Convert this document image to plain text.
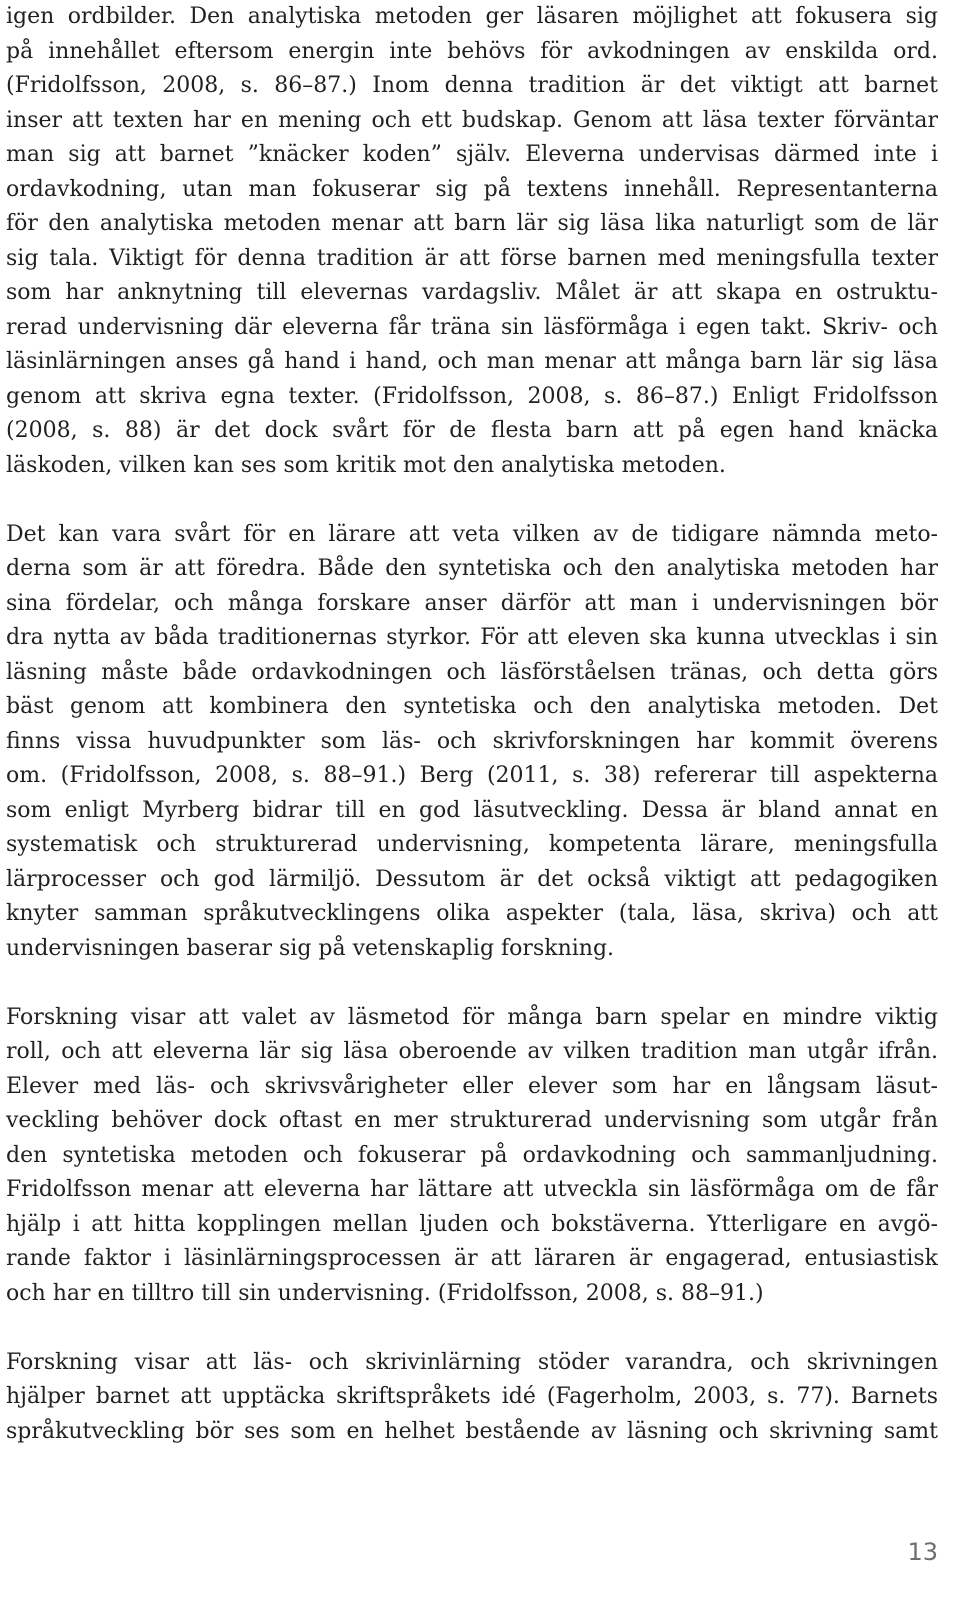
igen ordbilder. Den analytiska metoden ger läsaren möjlighet att fokusera sig
på innehållet eftersom energin inte behövs för avkodningen av enskilda ord.
(Fridolfsson, 2008, s. 86–87.) Inom denna tradition är det viktigt att barnet
inser att texten har en mening och ett budskap. Genom att läsa texter förväntar
man sig att barnet ”knäcker koden” själv. Eleverna undervisas därmed inte i
ordavkodning, utan man fokuserar sig på textens innehåll. Representanterna
för den analytiska metoden menar att barn lär sig läsa lika naturligt som de lär
sig tala. Viktigt för denna tradition är att förse barnen med meningsfulla texter
som har anknytning till elevernas vardagsliv. Målet är att skapa en ostruktu-
rerad undervisning där eleverna får träna sin läsförmåga i egen takt. Skriv- och
läsinlärningen anses gå hand i hand, och man menar att många barn lär sig läsa
genom att skriva egna texter. (Fridolfsson, 2008, s. 86–87.) Enligt Fridolfsson
(2008, s. 88) är det dock svårt för de flesta barn att på egen hand knäcka
läskoden, vilken kan ses som kritik mot den analytiska metoden.
Det kan vara svårt för en lärare att veta vilken av de tidigare nämnda meto-
derna som är att föredra. Både den syntetiska och den analytiska metoden har
sina fördelar, och många forskare anser därför att man i undervisningen bör
dra nytta av båda traditionernas styrkor. För att eleven ska kunna utvecklas i sin
läsning måste både ordavkodningen och läsförståelsen tränas, och detta görs
bäst genom att kombinera den syntetiska och den analytiska metoden. Det
finns vissa huvudpunkter som läs- och skrivforskningen har kommit överens
om. (Fridolfsson, 2008, s. 88–91.) Berg (2011, s. 38) refererar till aspekterna
som enligt Myrberg bidrar till en god läsutveckling. Dessa är bland annat en
systematisk och strukturerad undervisning, kompetenta lärare, meningsfulla
lärprocesser och god lärmiljö. Dessutom är det också viktigt att pedagogiken
knyter samman språkutvecklingens olika aspekter (tala, läsa, skriva) och att
undervisningen baserar sig på vetenskaplig forskning.
Forskning visar att valet av läsmetod för många barn spelar en mindre viktig
roll, och att eleverna lär sig läsa oberoende av vilken tradition man utgår ifrån.
Elever med läs- och skrivsvårigheter eller elever som har en långsam läsut-
veckling behöver dock oftast en mer strukturerad undervisning som utgår från
den syntetiska metoden och fokuserar på ordavkodning och sammanljudning.
Fridolfsson menar att eleverna har lättare att utveckla sin läsförmåga om de får
hjälp i att hitta kopplingen mellan ljuden och bokstäverna. Ytterligare en avgö-
rande faktor i läsinlärningsprocessen är att läraren är engagerad, entusiastisk
och har en tilltro till sin undervisning. (Fridolfsson, 2008, s. 88–91.)
Forskning visar att läs- och skrivinlärning stöder varandra, och skrivningen
hjälper barnet att upptäcka skriftspråkets idé (Fagerholm, 2003, s. 77). Barnets
språkutveckling bör ses som en helhet bestående av läsning och skrivning samt
13
